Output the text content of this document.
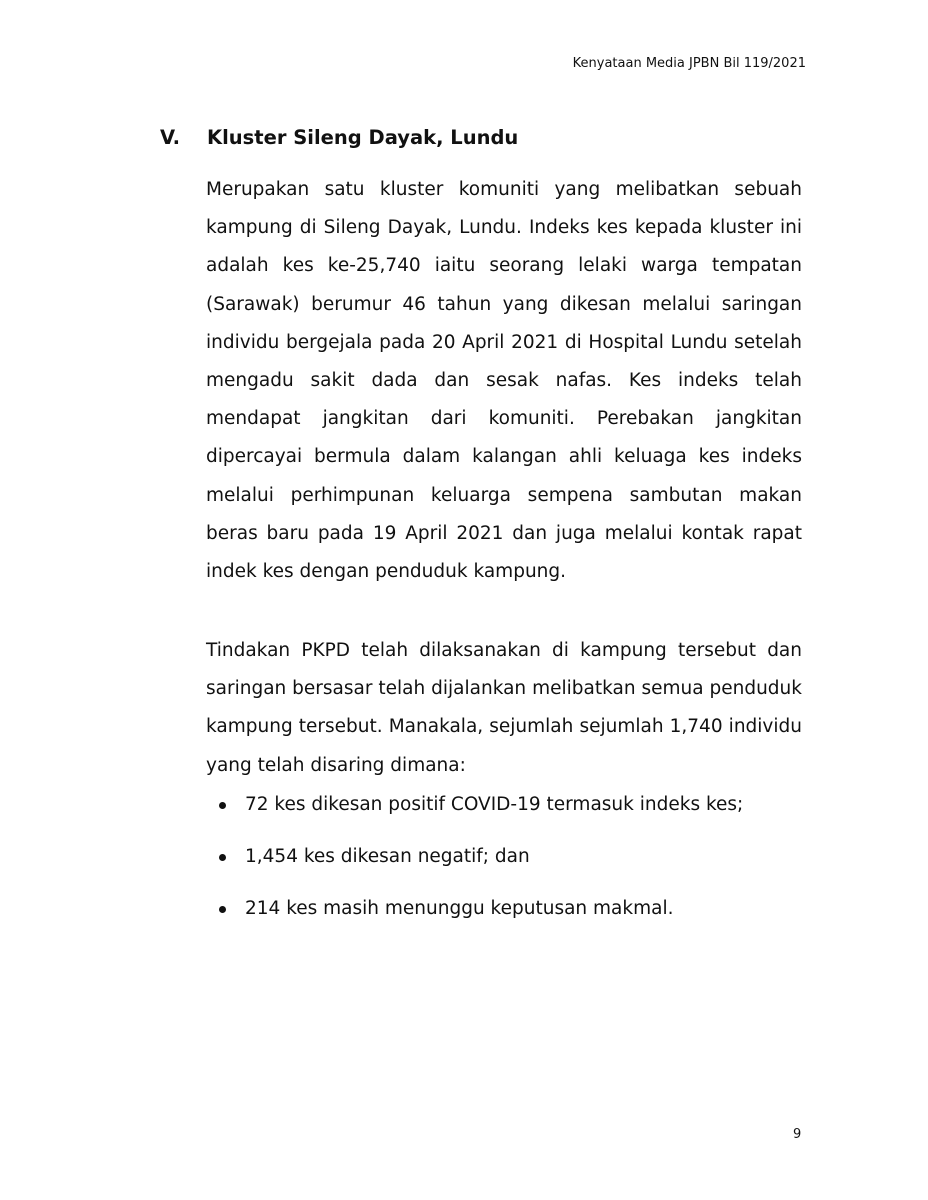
Kenyataan Media JPBN Bil 119/2021
V. Kluster Sileng Dayak, Lundu

Merupakan satu kluster komuniti yang melibatkan sebuah kampung di Sileng Dayak, Lundu. Indeks kes kepada kluster ini adalah kes ke-25,740 iaitu seorang lelaki warga tempatan (Sarawak) berumur 46 tahun yang dikesan melalui saringan individu bergejala pada 20 April 2021 di Hospital Lundu setelah mengadu sakit dada dan sesak nafas. Kes indeks telah mendapat jangkitan dari komuniti. Perebakan jangkitan dipercayai bermula dalam kalangan ahli keluaga kes indeks melalui perhimpunan keluarga sempena sambutan makan beras baru pada 19 April 2021 dan juga melalui kontak rapat indek kes dengan penduduk kampung.

Tindakan PKPD telah dilaksanakan di kampung tersebut dan saringan bersasar telah dijalankan melibatkan semua penduduk kampung tersebut. Manakala, sejumlah sejumlah 1,740 individu yang telah disaring dimana:

72 kes dikesan positif COVID-19 termasuk indeks kes;
1,454 kes dikesan negatif; dan
214 kes masih menunggu keputusan makmal.
9
